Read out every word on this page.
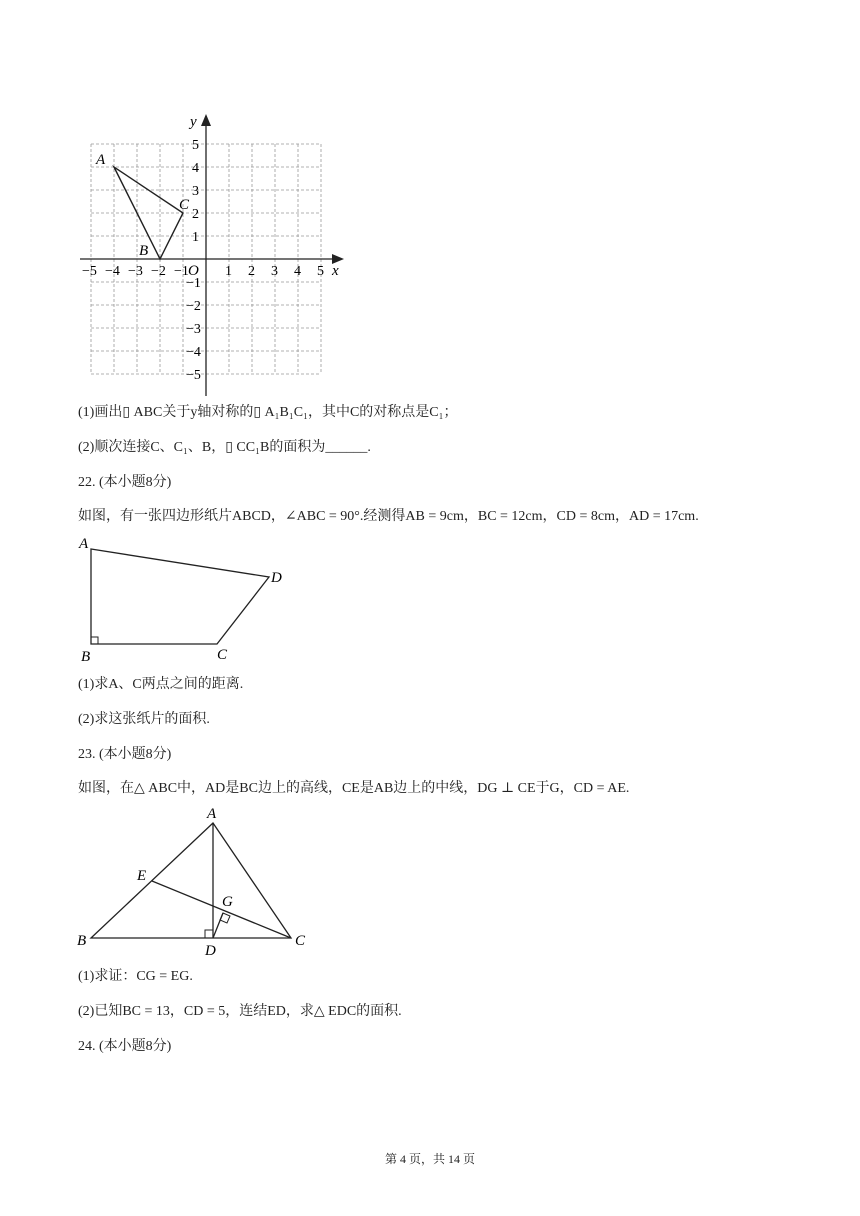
y
x
O
A
B
C
−5 −4 −3 −2 −1	1 2 3 4 5
5
4
3
2
1
−1
−2
−3
−4
−5
(1)画出▯ ABC关于y轴对称的▯ A₁B₁C₁，其中C的对称点是C₁；
(2)顺次连接C、C₁、B，▯ CC₁B的面积为______.
22. (本小题8分)
如图，有一张四边形纸片ABCD，∠ABC = 90°.经测得AB = 9cm，BC = 12cm，CD = 8cm，AD = 17cm.
A
B	C
D
(1)求A、C两点之间的距离.
(2)求这张纸片的面积.
23. (本小题8分)
如图，在△ ABC中，AD是BC边上的高线，CE是AB边上的中线，DG ⊥ CE于G，CD = AE.
A
B	C
D
E
G
(1)求证：CG = EG.
(2)已知BC = 13，CD = 5，连结ED，求△ EDC的面积.
24. (本小题8分)
第 4 页，共 14 页
